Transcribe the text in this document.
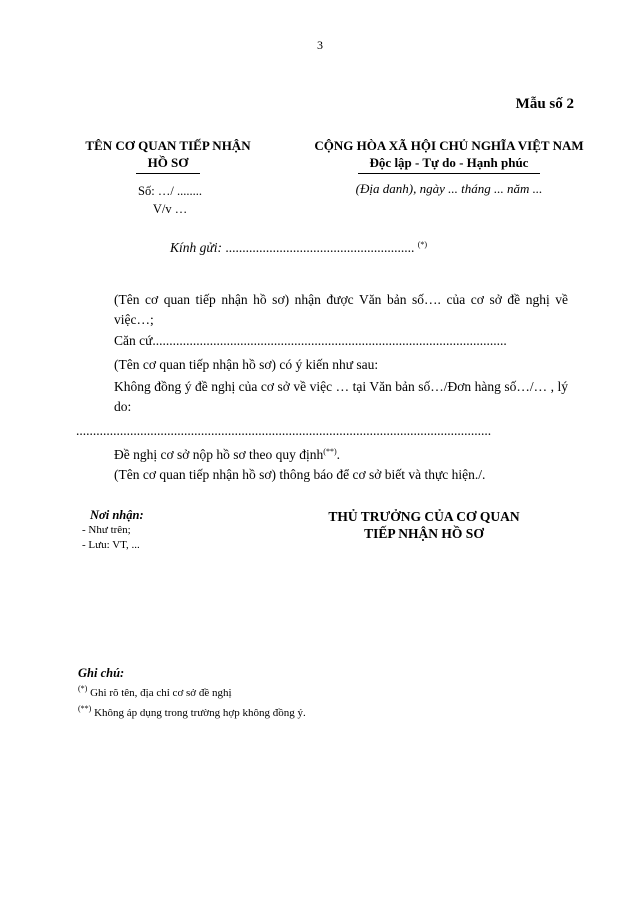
3
Mẫu số 2
TÊN CƠ QUAN TIẾP NHẬN
HỒ SƠ
Số: …/ ........
V/v …
CỘNG HÒA XÃ HỘI CHỦ NGHĨA VIỆT NAM
Độc lập - Tự do - Hạnh phúc
(Địa danh), ngày ... tháng ... năm ...
Kính gửi: ........................................................ (*)
(Tên cơ quan tiếp nhận hồ sơ) nhận được Văn bản số…. của cơ sở đề nghị về việc…;
Căn cứ.........................................................................................................
(Tên cơ quan tiếp nhận hồ sơ) có ý kiến như sau:
Không đồng ý đề nghị của cơ sở về việc … tại Văn bản số…/Đơn hàng số…/… , lý do:
...........................................................................................................................
Đề nghị cơ sở nộp hồ sơ theo quy định(**).
(Tên cơ quan tiếp nhận hồ sơ) thông báo để cơ sở biết và thực hiện./.
Nơi nhận:
- Như trên;
- Lưu: VT, ...
THỦ TRƯỞNG CỦA CƠ QUAN
TIẾP NHẬN HỒ SƠ
Ghi chú:
(*) Ghi rõ tên, địa chỉ cơ sở đề nghị
(**) Không áp dụng trong trường hợp không đồng ý.
